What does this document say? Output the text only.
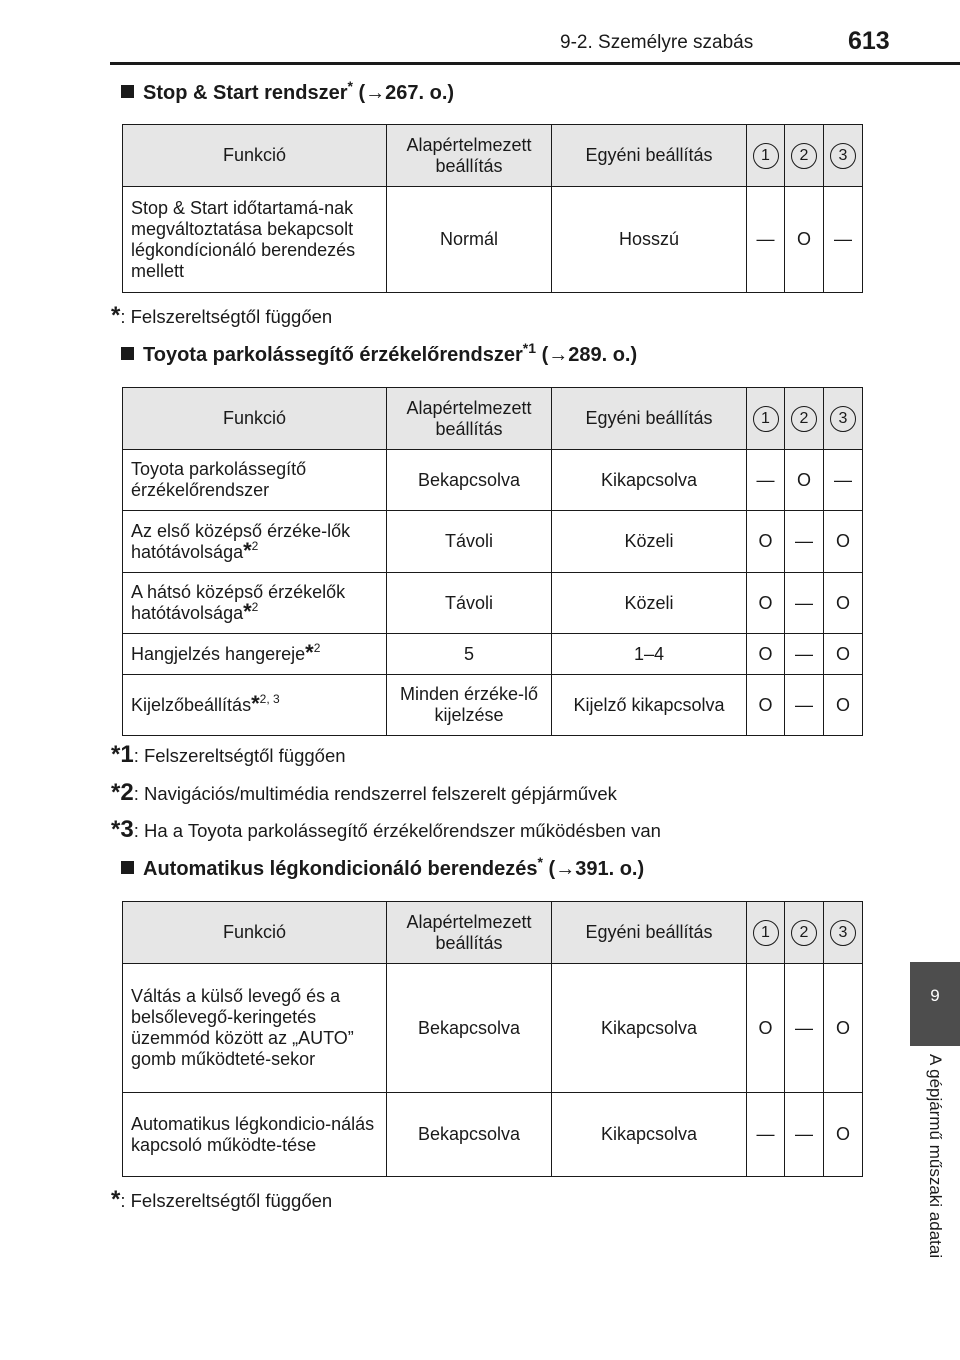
9-2. Személyre szabás	613
9
A gépjármű műszaki adatai
Stop & Start rendszer* (→267. o.)
Funkció	Alapértelmezett beállítás	Egyéni beállítás	1	2	3
Stop & Start időtartamá-nak megváltoztatása bekapcsolt légkondícionáló berendezés mellett	Normál	Hosszú	—	O	—
*: Felszereltségtől függően
Toyota parkolássegítő érzékelőrendszer$^{*1}$ (→289. o.)
Funkció	Alapértelmezett beállítás	Egyéni beállítás	1	2	3
Toyota parkolássegítő érzékelőrendszer	Bekapcsolva	Kikapcsolva	—	O	—
Az első középső érzéke-lők hatótávolsága*$^2$	Távoli	Közeli	O	—	O
A hátsó középső érzékelők hatótávolsága*$^2$	Távoli	Közeli	O	—	O
Hangjelzés hangereje*$^2$	5	1–4	O	—	O
Kijelzőbeállítás*$^{2, 3}$	Minden érzéke-lő kijelzése	Kijelző kikapcsolva	O	—	O
*1: Felszereltségtől függően
*2: Navigációs/multimédia rendszerrel felszerelt gépjárművek
*3: Ha a Toyota parkolássegítő érzékelőrendszer működésben van
Automatikus légkondicionáló berendezés* (→391. o.)
Funkció	Alapértelmezett beállítás	Egyéni beállítás	1	2	3
Váltás a külső levegő és a belsőlevegő-keringetés üzemmód között az „AUTO” gomb működteté-sekor	Bekapcsolva	Kikapcsolva	O	—	O
Automatikus légkondicio-nálás kapcsoló működte-tése	Bekapcsolva	Kikapcsolva	—	—	O
*: Felszereltségtől függően
